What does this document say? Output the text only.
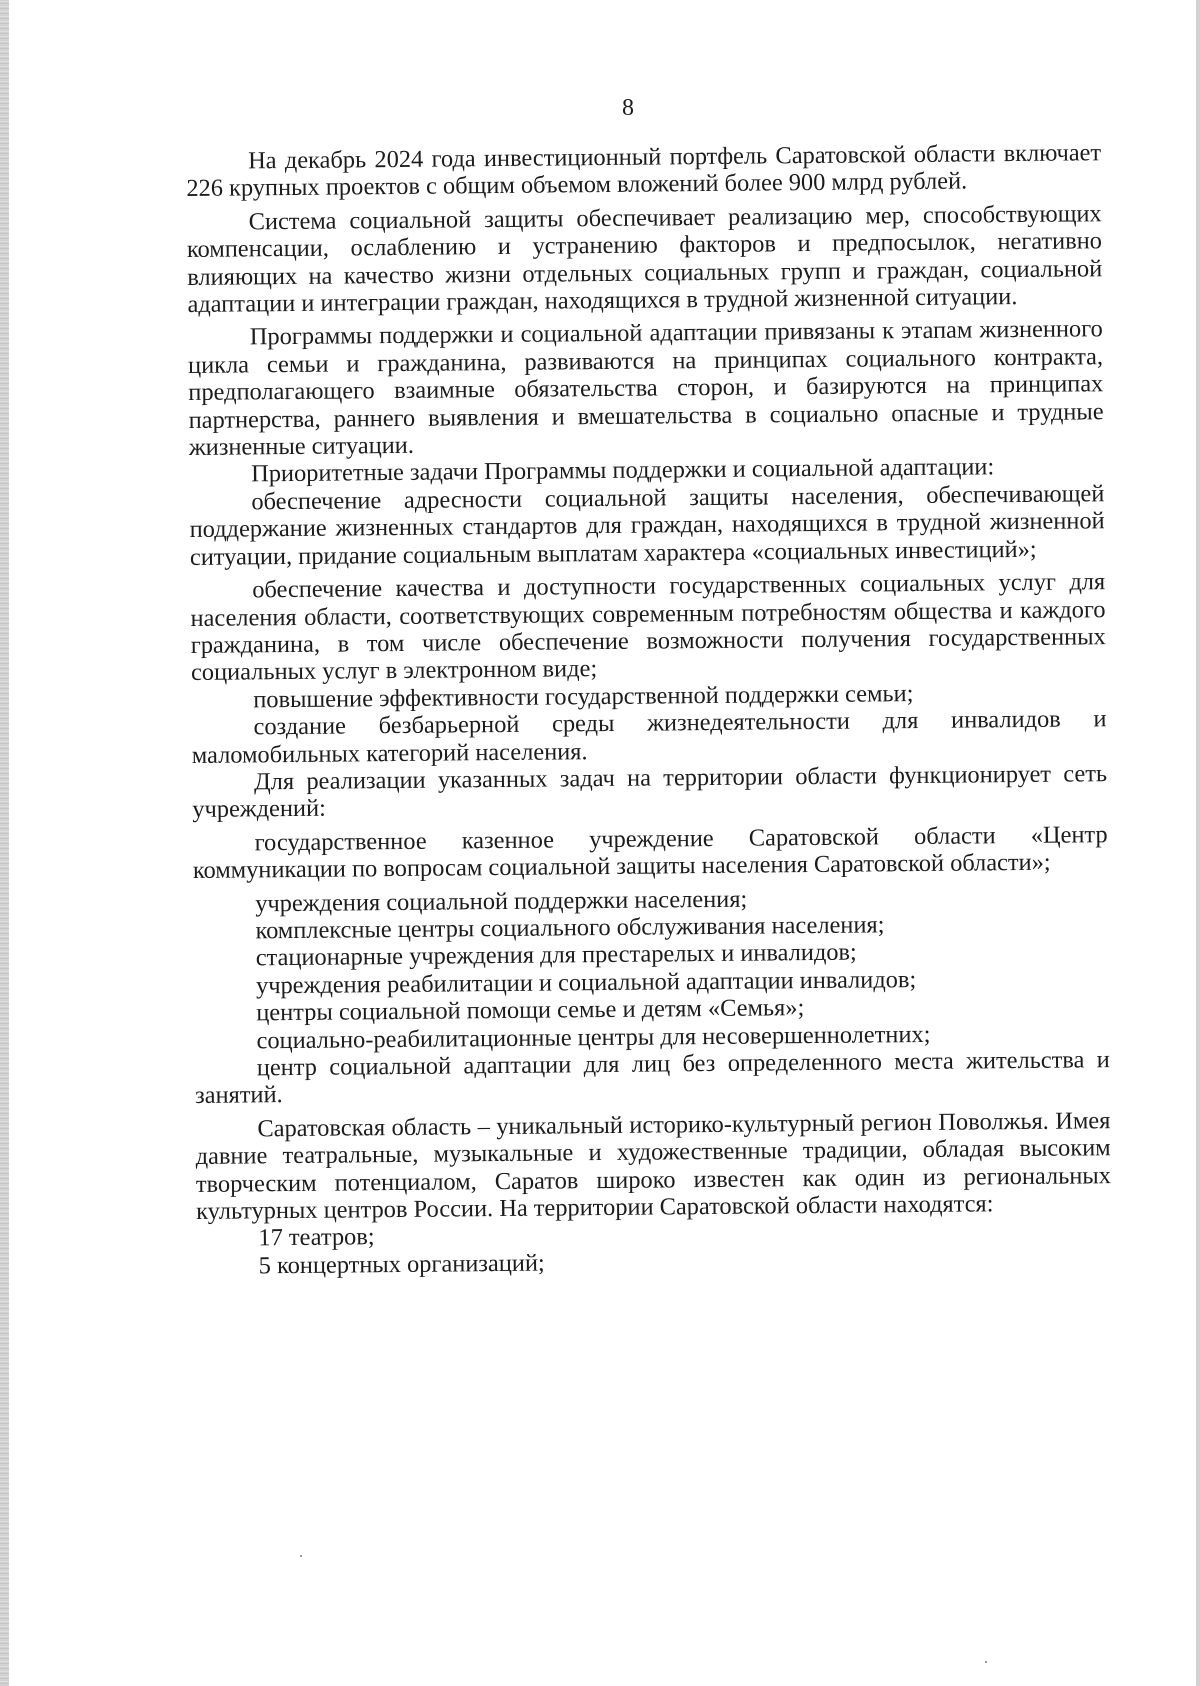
8

На декабрь 2024 года инвестиционный портфель Саратовской области включает 226 крупных проектов с общим объемом вложений более 900 млрд рублей.

Система социальной защиты обеспечивает реализацию мер, способствующих компенсации, ослаблению и устранению факторов и предпосылок, негативно влияющих на качество жизни отдельных социальных групп и граждан, социальной адаптации и интеграции граждан, находящихся в трудной жизненной ситуации.

Программы поддержки и социальной адаптации привязаны к этапам жизненного цикла семьи и гражданина, развиваются на принципах социального контракта, предполагающего взаимные обязательства сторон, и базируются на принципах партнерства, раннего выявления и вмешательства в социально опасные и трудные жизненные ситуации.

Приоритетные задачи Программы поддержки и социальной адаптации:

обеспечение адресности социальной защиты населения, обеспечивающей поддержание жизненных стандартов для граждан, находящихся в трудной жизненной ситуации, придание социальным выплатам характера «социальных инвестиций»;

обеспечение качества и доступности государственных социальных услуг для населения области, соответствующих современным потребностям общества и каждого гражданина, в том числе обеспечение возможности получения государственных социальных услуг в электронном виде;

повышение эффективности государственной поддержки семьи;

создание безбарьерной среды жизнедеятельности для инвалидов и маломобильных категорий населения.

Для реализации указанных задач на территории области функционирует сеть учреждений:

государственное казенное учреждение Саратовской области «Центр коммуникации по вопросам социальной защиты населения Саратовской области»;

учреждения социальной поддержки населения;

комплексные центры социального обслуживания населения;

стационарные учреждения для престарелых и инвалидов;

учреждения реабилитации и социальной адаптации инвалидов;

центры социальной помощи семье и детям «Семья»;

социально-реабилитационные центры для несовершеннолетних;

центр социальной адаптации для лиц без определенного места жительства и занятий.

Саратовская область – уникальный историко-культурный регион Поволжья. Имея давние театральные, музыкальные и художественные традиции, обладая высоким творческим потенциалом, Саратов широко известен как один из региональных культурных центров России. На территории Саратовской области находятся:

17 театров;

5 концертных организаций;
